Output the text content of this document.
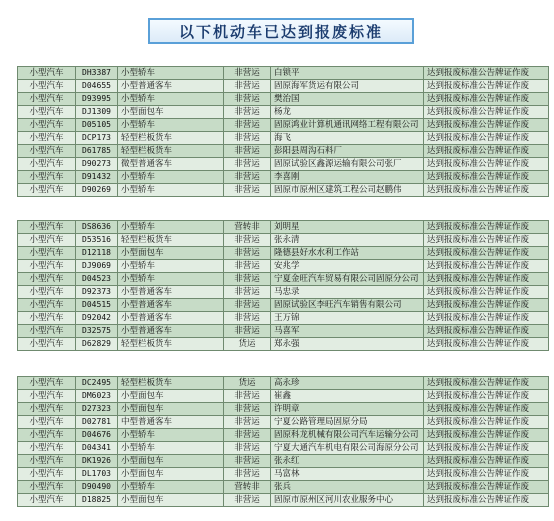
以下机动车已达到报废标准
小型汽车	DH3387	小型轿车	非营运	白锁平	达到报废标准公告牌证作废
小型汽车	D04655	小型普通客车	非营运	固原海军货运有限公司	达到报废标准公告牌证作废
小型汽车	D93995	小型轿车	非营运	樊治国	达到报废标准公告牌证作废
小型汽车	DJ1309	小型面包车	非营运	杨龙	达到报废标准公告牌证作废
小型汽车	D05105	小型轿车	非营运	固原鸿业计算机通讯网络工程有限公司	达到报废标准公告牌证作废
小型汽车	DCP173	轻型栏板货车	非营运	海飞	达到报废标准公告牌证作废
小型汽车	D61785	轻型栏板货车	非营运	彭阳县周沟石料厂	达到报废标准公告牌证作废
小型汽车	D90273	微型普通客车	非营运	固原试验区鑫源运输有限公司张厂	达到报废标准公告牌证作废
小型汽车	D91432	小型轿车	非营运	李喜刚	达到报废标准公告牌证作废
小型汽车	D90269	小型轿车	非营运	固原市原州区建筑工程公司赵鹏伟	达到报废标准公告牌证作废
小型汽车	DS8636	小型轿车	营转非	刘明星	达到报废标准公告牌证作废
小型汽车	D53516	轻型栏板货车	非营运	张永清	达到报废标准公告牌证作废
小型汽车	D12118	小型面包车	非营运	隆德县好水水利工作站	达到报废标准公告牌证作废
小型汽车	DJ9069	小型轿车	非营运	安兆学	达到报废标准公告牌证作废
小型汽车	D04523	小型轿车	非营运	宁夏金旺汽车贸易有限公司固原分公司	达到报废标准公告牌证作废
小型汽车	D92373	小型普通客车	非营运	马忠录	达到报废标准公告牌证作废
小型汽车	D04515	小型普通客车	非营运	固原试验区李旺汽车销售有限公司	达到报废标准公告牌证作废
小型汽车	D92042	小型普通客车	非营运	王万锦	达到报废标准公告牌证作废
小型汽车	D32575	小型普通客车	非营运	马喜军	达到报废标准公告牌证作废
小型汽车	D62829	轻型栏板货车	货运	郑永强	达到报废标准公告牌证作废
小型汽车	DC2495	轻型栏板货车	货运	高永珍	达到报废标准公告牌证作废
小型汽车	DM6023	小型面包车	非营运	崔鑫	达到报废标准公告牌证作废
小型汽车	D27323	小型面包车	非营运	许明章	达到报废标准公告牌证作废
小型汽车	D02781	中型普通客车	非营运	宁夏公路管理局固原分局	达到报废标准公告牌证作废
小型汽车	D04676	小型轿车	非营运	固原科龙机械有限公司汽车运输分公司	达到报废标准公告牌证作废
小型汽车	D04341	小型轿车	非营运	宁夏大通汽车机电有限公司海原分公司	达到报废标准公告牌证作废
小型汽车	DK1926	小型面包车	非营运	张永红	达到报废标准公告牌证作废
小型汽车	DL1703	小型面包车	非营运	马富林	达到报废标准公告牌证作废
小型汽车	D90490	小型轿车	营转非	张兵	达到报废标准公告牌证作废
小型汽车	D18825	小型面包车	非营运	固原市原州区河川农业服务中心	达到报废标准公告牌证作废
